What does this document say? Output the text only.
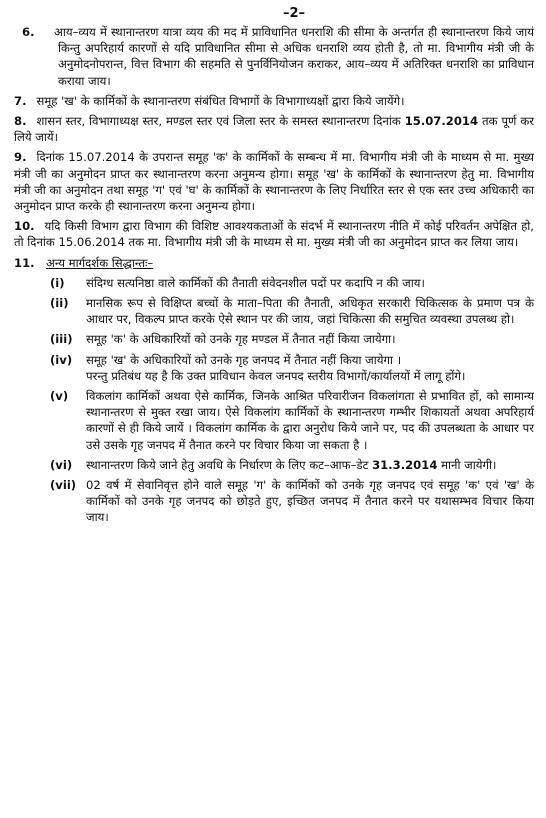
–2–
6. आय–व्यय में स्थानान्तरण यात्रा व्यय की मद में प्राविधानित धनराशि की सीमा के अन्तर्गत ही स्थानान्तरण किये जायं किन्तु अपरिहार्य कारणों से यदि प्राविधानित सीमा से अधिक धनराशि व्यय होती है, तो मा. विभागीय मंत्री जी के अनुमोदनोपरान्त, वित्त विभाग की सहमति से पुनर्विनियोजन कराकर, आय–व्यय में अतिरिक्त धनराशि का प्राविधान कराया जाय।
7. समूह 'ख' के कार्मिकों के स्थानान्तरण संबंधित विभागों के विभागाध्यक्षों द्वारा किये जायेंगे।
8. शासन स्तर, विभागाध्यक्ष स्तर, मण्डल स्तर एवं जिला स्तर के समस्त स्थानान्तरण दिनांक 15.07.2014 तक पूर्ण कर लिये जायें।
9. दिनांक 15.07.2014 के उपरान्त समूह 'क' के कार्मिकों के सम्बन्ध में मा. विभागीय मंत्री जी के माध्यम से मा. मुख्य मंत्री जी का अनुमोदन प्राप्त कर स्थानान्तरण करना अनुमन्य होगा। समूह 'ख' के कार्मिकों के स्थानान्तरण हेतु मा. विभागीय मंत्री जी का अनुमोदन तथा समूह 'ग' एवं 'घ' के कार्मिकों के स्थानान्तरण के लिए निर्धारित स्तर से एक स्तर उच्च अधिकारी का अनुमोदन प्राप्त करके ही स्थानान्तरण करना अनुमन्य होगा।
10. यदि किसी विभाग द्वारा विभाग की विशिष्ट आवश्यकताओं के संदर्भ में स्थानान्तरण नीति में कोई परिवर्तन अपेक्षित हो, तो दिनांक 15.06.2014 तक मा. विभागीय मंत्री जी के माध्यम से मा. मुख्य मंत्री जी का अनुमोदन प्राप्त कर लिया जाय।
11. अन्य मार्गदर्शक सिद्धान्तः–
(i) संदिग्ध सत्यनिष्ठा वाले कार्मिकों की तैनाती संवेदनशील पदों पर कदापि न की जाय।
(ii) मानसिक रूप से विक्षिप्त बच्चों के माता–पिता की तैनाती, अधिकृत सरकारी चिकित्सक के प्रमाण पत्र के आधार पर, विकल्प प्राप्त करके ऐसे स्थान पर की जाय, जहां चिकित्सा की समुचित व्यवस्था उपलब्ध हो।
(iii) समूह 'क' के अधिकारियों को उनके गृह मण्डल में तैनात नहीं किया जायेगा।
(iv) समूह 'ख' के अधिकारियों को उनके गृह जनपद में तैनात नहीं किया जायेगा ।
परन्तु प्रतिबंध यह है कि उक्त प्राविधान केवल जनपद स्तरीय विभागों/कार्यालयों में लागू होंगे।
(v) विकलांग कार्मिकों अथवा ऐसे कार्मिक, जिनके आश्रित परिवारीजन विकलांगता से प्रभावित हों, को सामान्य स्थानान्तरण से मुक्त रखा जाय। ऐसे विकलांग कार्मिकों के स्थानान्तरण गम्भीर शिकायतों अथवा अपरिहार्य कारणों से ही किये जायें । विकलांग कार्मिक के द्वारा अनुरोध किये जाने पर, पद की उपलब्धता के आधार पर उसे उसके गृह जनपद में तैनात करने पर विचार किया जा सकता है ।
(vi) स्थानान्तरण किये जाने हेतु अवधि के निर्धारण के लिए कट–आफ–डेट 31.3.2014 मानी जायेगी।
(vii) 02 वर्ष में सेवानिवृत्त होने वाले समूह 'ग' के कार्मिकों को उनके गृह जनपद एवं समूह 'क' एवं 'ख' के कार्मिकों को उनके गृह जनपद को छोड़ते हुए, इच्छित जनपद में तैनात करने पर यथासम्भव विचार किया जाय।
